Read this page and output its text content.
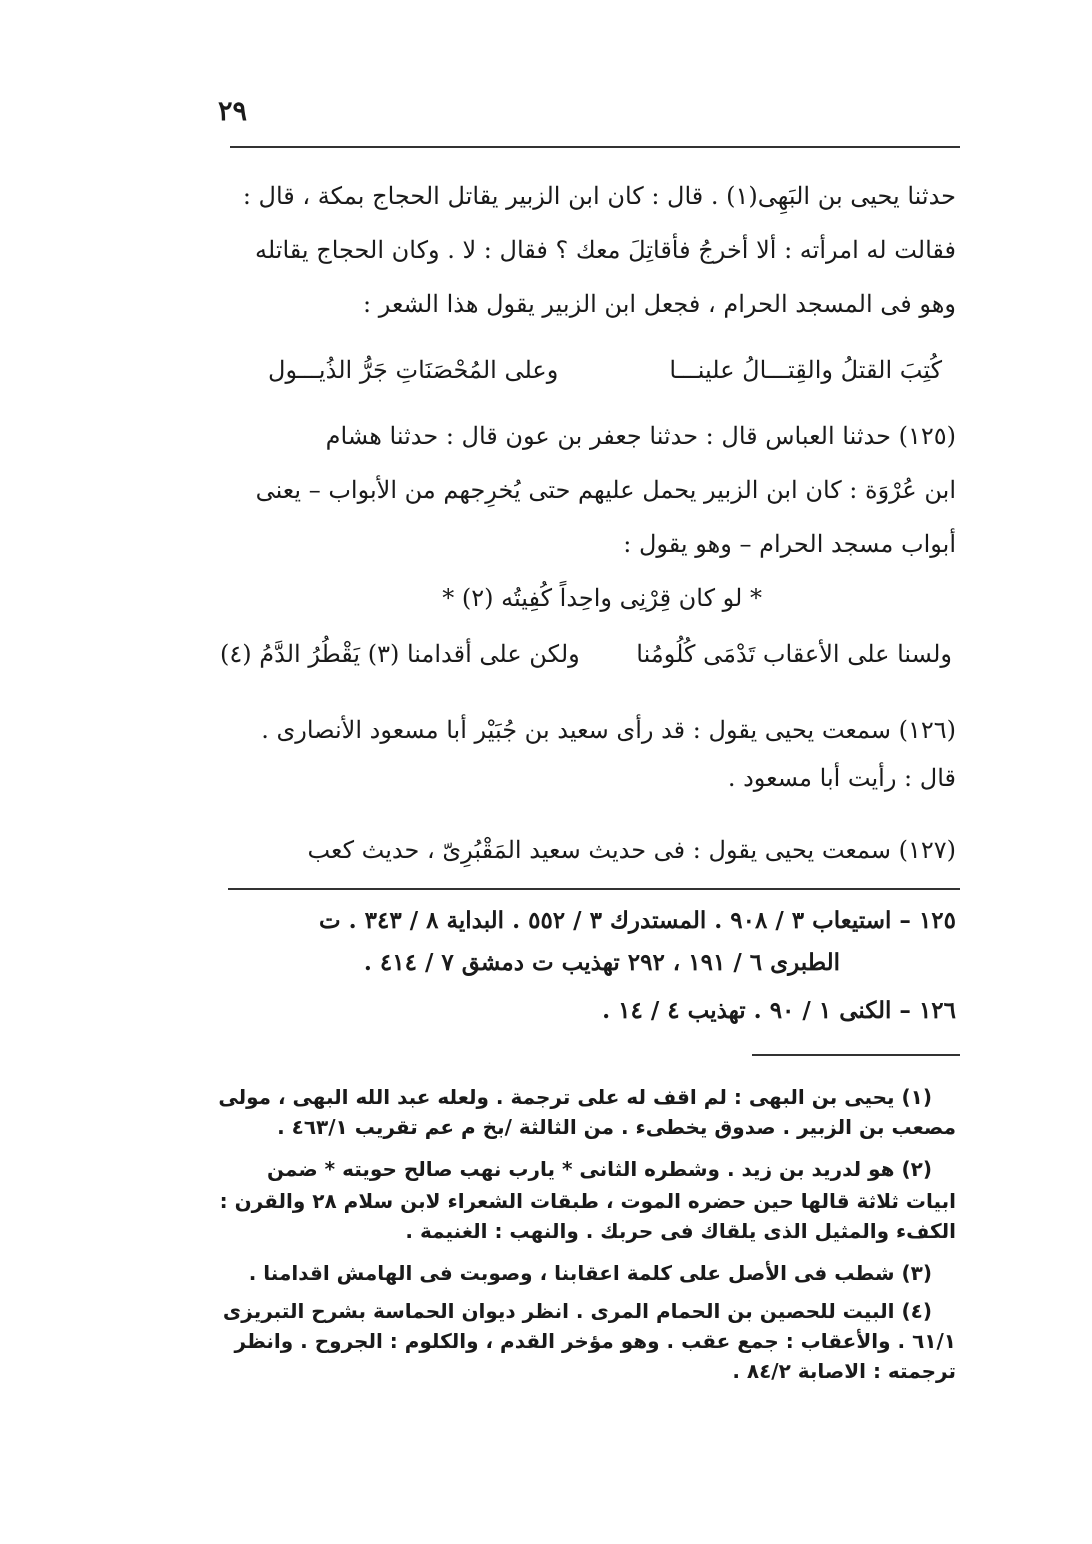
٢٩
حدثنا يحيى بن البَهِى(١) . قال : كان ابن الزبير يقاتل الحجاج بمكة ، قال :
فقالت له امرأته : ألا أخرجُ فأقاتِلَ معك ؟ فقال : لا . وكان الحجاج يقاتله
وهو فى المسجد الحرام ، فجعل ابن الزبير يقول هذا الشعر :
كُتِبَ القتلُ والقِتـــالُ علينـــا
وعلى المُحْصَنَاتِ جَرُّ الذُيـــول
(١٢٥) حدثنا العباس قال : حدثنا جعفر بن عون قال : حدثنا هشام
ابن عُرْوَة : كان ابن الزبير يحمل عليهم حتى يُخرِجهم من الأبواب – يعنى
أبواب مسجد الحرام – وهو يقول :
* لو كان قِرْنِى واحِداً كُفِيتُه (٢) *
ولسنا على الأعقاب تَدْمَى كُلُومُنا
ولكن على أقدامنا (٣) يَقْطُرُ الدَّمُ (٤)
(١٢٦) سمعت يحيى يقول : قد رأى سعيد بن جُبَيْر أبا مسعود الأنصارى .
قال : رأيت أبا مسعود .
(١٢٧) سمعت يحيى يقول : فى حديث سعيد المَقْبُرِىّ ، حديث كعب
١٢٥ – استيعاب ٣ / ٩٠٨ . المستدرك ٣ / ٥٥٢ . البداية ٨ / ٣٤٣ . ت
الطبرى ٦ / ١٩١ ، ٢٩٢ تهذيب ت دمشق ٧ / ٤١٤ .
١٢٦ – الكنى ١ / ٩٠ . تهذيب ٤ / ١٤ .
(١) يحيى بن البهى : لم اقف له على ترجمة . ولعله عبد الله البهى ، مولى
مصعب بن الزبير . صدوق يخطىء . من الثالثة /بخ م عم تقريب ٤٦٣/١ .
(٢) هو لدريد بن زيد . وشطره الثانى * يارب نهب صالح حويته * ضمن
ابيات ثلاثة قالها حين حضره الموت ، طبقات الشعراء لابن سلام ٢٨ والقرن :
الكفء والمثيل الذى يلقاك فى حربك . والنهب : الغنيمة .
(٣) شطب فى الأصل على كلمة اعقابنا ، وصوبت فى الهامش اقدامنا .
(٤) البيت للحصين بن الحمام المرى . انظر ديوان الحماسة بشرح التبريزى
٦١/١ . والأعقاب : جمع عقب . وهو مؤخر القدم ، والكلوم : الجروح . وانظر
ترجمته : الاصابة ٨٤/٢ .
